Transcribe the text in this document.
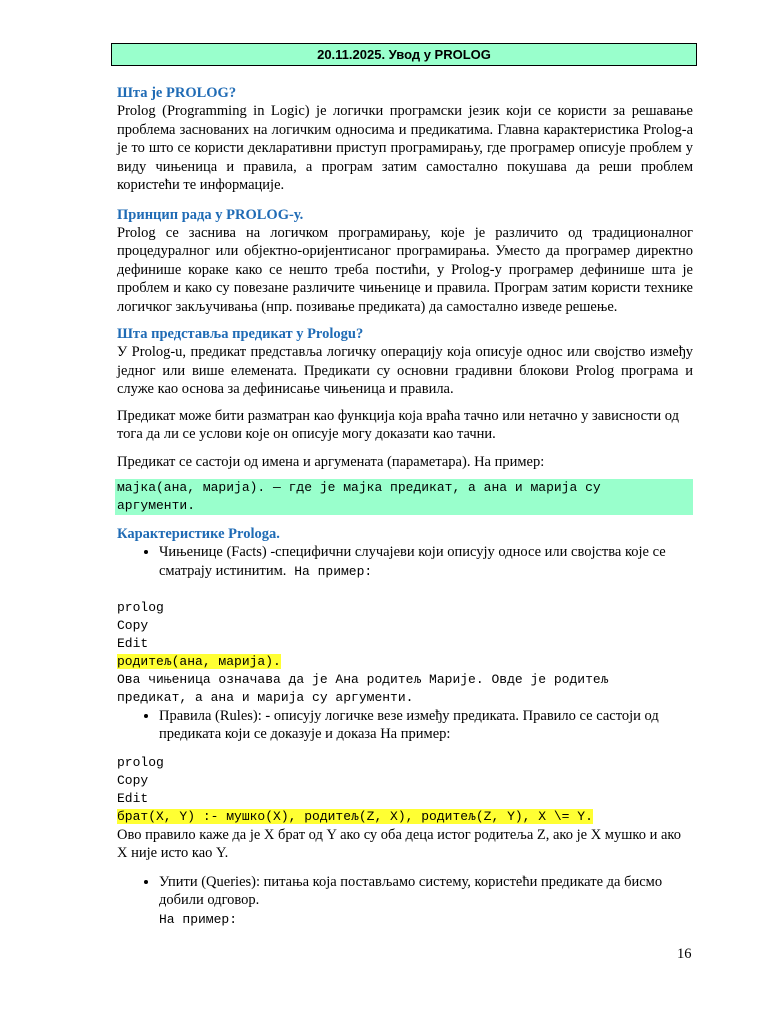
20.11.2025. Увод у PROLOG

Шта је PROLOG?

Prolog (Programming in Logic) је логички програмски језик који се користи за решавање проблема заснованих на логичким односима и предикатима. Главна карактеристика Prolog-а је то што се користи декларативни приступ програмирању, где програмер описује проблем у виду чињеница и правила, а програм затим самостално покушава да реши проблем користећи те информације.

Принцип рада у PROLOG-у.

Prolog се заснива на логичком програмирању, које је различито од традиционалног процедуралног или објектно-оријентисаног програмирања. Уместо да програмер директно дефинише кораке како се нешто треба постићи, у Prolog-у програмер дефинише шта је проблем и како су повезане различите чињенице и правила. Програм затим користи технике логичког закључивања (нпр. позивање предиката) да самостално изведе решење.

Шта представља предикат у Prologu?

У Prolog-u, предикат представља логичку операцију која описује однос или својство између једног или више елемената. Предикати су основни градивни блокови Prolog програма и служе као основа за дефинисање чињеница и правила.

Предикат може бити разматран као функција која враћа тачно или нетачно у зависности од тога да ли се услови које он описује могу доказати као тачни.

Предикат се састоји од имена и аргумената (параметара). На пример:

мајка(ана, марија). — где је мајка предикат, а ана и марија су
аргументи.

Карактеристике Prologa.

• Чињенице (Facts) -специфични случајеви који описују односе или својства које се
сматрају истинитим. На пример:

prolog

Copy

Edit

родитељ(ана, марија).

Ова чињеница означава да је Ана родитељ Марије. Овде је родитељ

предикат, а ана и марија су аргументи.

• Правила (Rules): - описују логичке везе између предиката. Правило се састоји од предиката који се доказује и доказа На пример:

prolog

Copy

Edit

брат(X, Y) :- мушко(X), родитељ(Z, X), родитељ(Z, Y), X \= Y.

Ово правило каже да је X брат од Y ако су оба деца истог родитеља Z, ако је X мушко и ако X није исто као Y.

• Упити (Queries): питања која постављамо систему, користећи предикате да бисмо добили одговор.
На пример:
16
